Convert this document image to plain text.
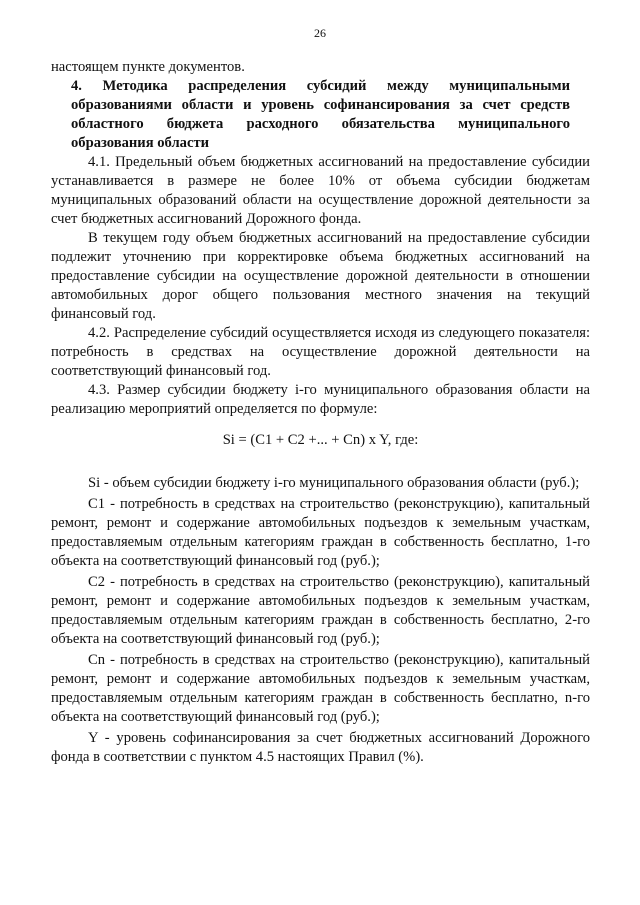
26

настоящем пункте документов.

4. Методика распределения субсидий между муниципальными образованиями области и уровень софинансирования за счет средств областного бюджета расходного обязательства муниципального образования области

4.1. Предельный объем бюджетных ассигнований на предоставление субсидии устанавливается в размере не более 10% от объема субсидии бюджетам муниципальных образований области на осуществление дорожной деятельности за счет бюджетных ассигнований Дорожного фонда.

В текущем году объем бюджетных ассигнований на предоставление субсидии подлежит уточнению при корректировке объема бюджетных ассигнований на предоставление субсидии на осуществление дорожной деятельности в отношении автомобильных дорог общего пользования местного значения на текущий финансовый год.

4.2. Распределение субсидий осуществляется исходя из следующего показателя: потребность в средствах на осуществление дорожной деятельности на соответствующий финансовый год.

4.3. Размер субсидии бюджету i-го муниципального образования области на реализацию мероприятий определяется по формуле:

Si = (C1 + C2 +... + Cn) x Y, где:

Si - объем субсидии бюджету i-го муниципального образования области (руб.);

C1 - потребность в средствах на строительство (реконструкцию), капитальный ремонт, ремонт и содержание автомобильных подъездов к земельным участкам, предоставляемым отдельным категориям граждан в собственность бесплатно, 1-го объекта на соответствующий финансовый год (руб.);

C2 - потребность в средствах на строительство (реконструкцию), капитальный ремонт, ремонт и содержание автомобильных подъездов к земельным участкам, предоставляемым отдельным категориям граждан в собственность бесплатно, 2-го объекта на соответствующий финансовый год (руб.);

Cn - потребность в средствах на строительство (реконструкцию), капитальный ремонт, ремонт и содержание автомобильных подъездов к земельным участкам, предоставляемым отдельным категориям граждан в собственность бесплатно, n-го объекта на соответствующий финансовый год (руб.);

Y - уровень софинансирования за счет бюджетных ассигнований Дорожного фонда в соответствии с пунктом 4.5 настоящих Правил (%).
